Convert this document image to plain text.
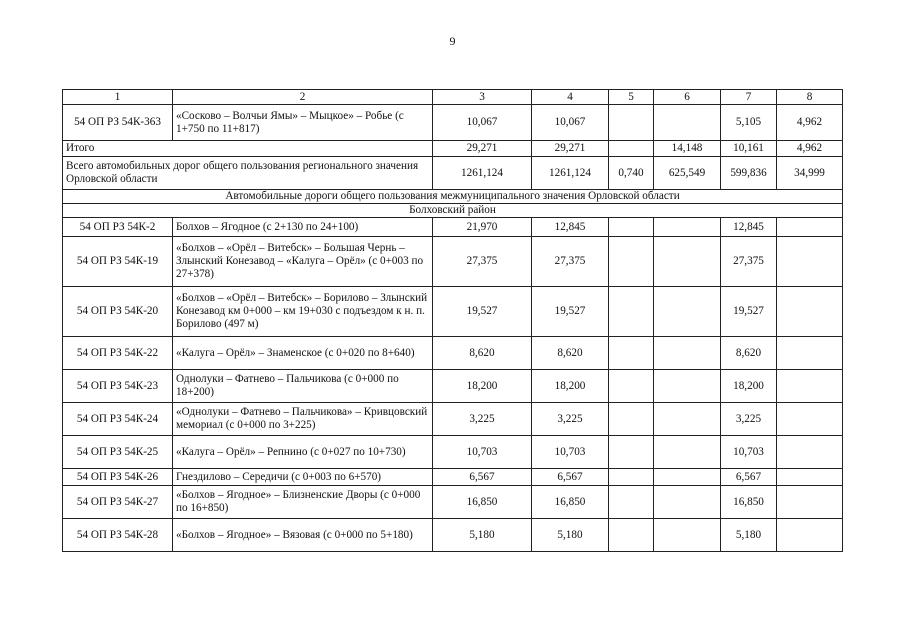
9
1	2	3	4	5	6	7	8
54 ОП РЗ 54К-363	«Сосково – Волчьи Ямы» – Мыцкое» – Робье (с 1+750 по 11+817)	10,067	10,067			5,105	4,962
Итого		29,271	29,271		14,148	10,161	4,962
Всего автомобильных дорог общего пользования регионального значения Орловской области		1261,124	1261,124	0,740	625,549	599,836	34,999
Автомобильные дороги общего пользования межмуниципального значения Орловской области							
Болховский район							
54 ОП РЗ 54К-2	Болхов – Ягодное (с 2+130 по 24+100)	21,970	12,845			12,845	
54 ОП РЗ 54К-19	«Болхов – «Орёл – Витебск» – Большая Чернь – Злынский Конезавод – «Калуга – Орёл» (с 0+003 по 27+378)	27,375	27,375			27,375	
54 ОП РЗ 54К-20	«Болхов – «Орёл – Витебск» – Борилово – Злынский Конезавод км 0+000 – км 19+030 с подъездом к н. п. Борилово (497 м)	19,527	19,527			19,527	
54 ОП РЗ 54К-22	«Калуга – Орёл» – Знаменское (с 0+020 по 8+640)	8,620	8,620			8,620	
54 ОП РЗ 54К-23	Однолуки – Фатнево – Пальчикова (с 0+000 по 18+200)	18,200	18,200			18,200	
54 ОП РЗ 54К-24	«Однолуки – Фатнево – Пальчикова» – Кривцовский мемориал (с 0+000 по 3+225)	3,225	3,225			3,225	
54 ОП РЗ 54К-25	«Калуга – Орёл» – Репнино (с 0+027 по 10+730)	10,703	10,703			10,703	
54 ОП РЗ 54К-26	Гнездилово – Середичи (с 0+003 по 6+570)	6,567	6,567			6,567	
54 ОП РЗ 54К-27	«Болхов – Ягодное» – Близненские Дворы (с 0+000 по 16+850)	16,850	16,850			16,850	
54 ОП РЗ 54К-28	«Болхов – Ягодное» – Вязовая (с 0+000 по 5+180)	5,180	5,180			5,180	
